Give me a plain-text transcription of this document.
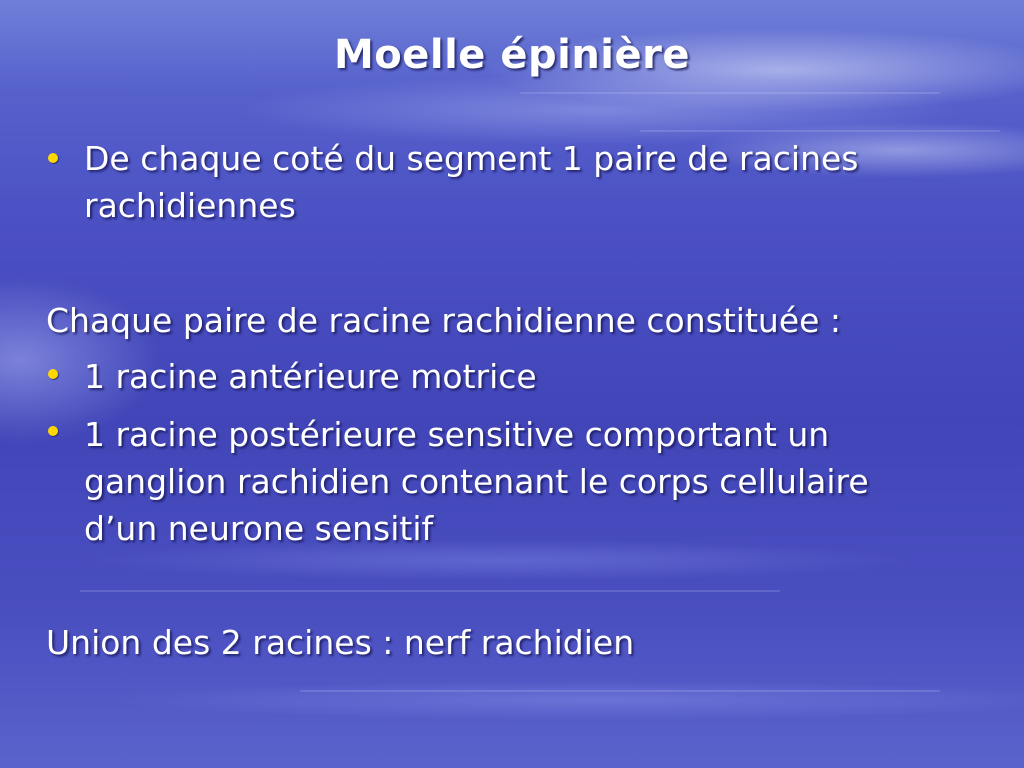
Moelle épinière
De chaque coté du segment 1 paire de racines
rachidiennes
Chaque paire de racine rachidienne constituée :
1 racine antérieure motrice
1 racine postérieure sensitive comportant un
ganglion rachidien contenant le corps cellulaire
d’un neurone sensitif
Union des 2 racines : nerf rachidien
